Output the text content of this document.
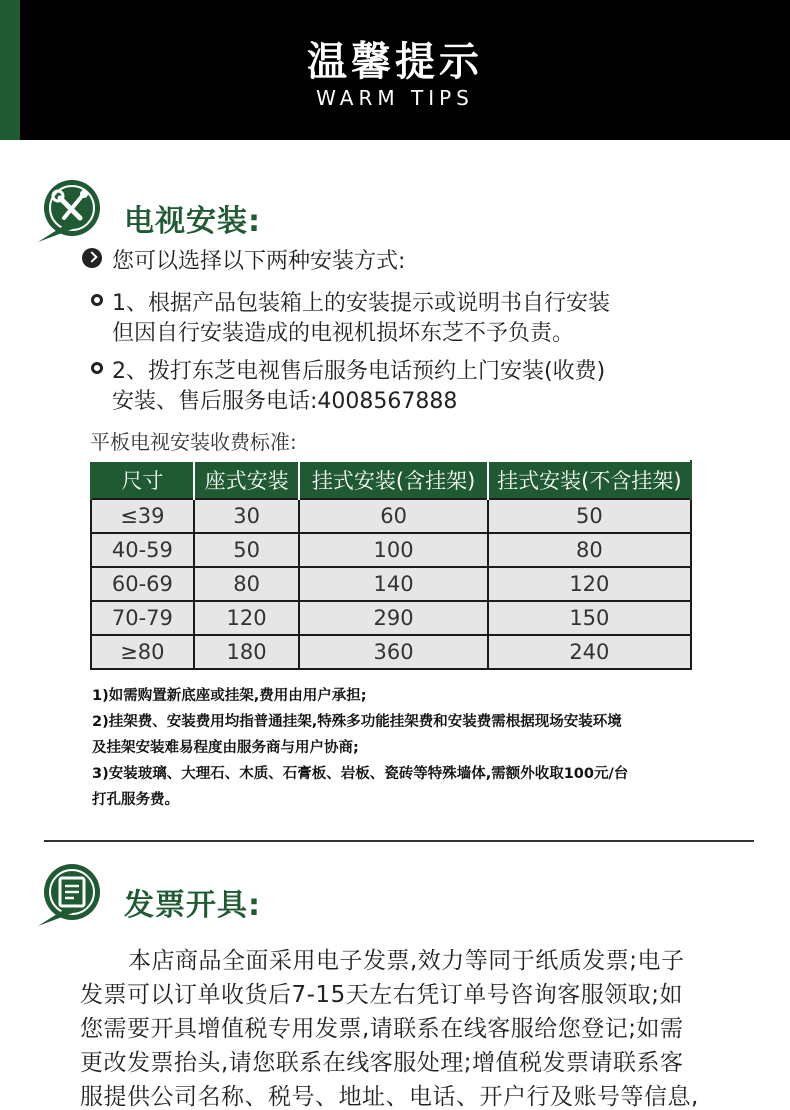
温馨提示
WARM TIPS
电视安装:
您可以选择以下两种安装方式:
1、根据产品包装箱上的安装提示或说明书自行安装
但因自行安装造成的电视机损坏东芝不予负责。
2、拨打东芝电视售后服务电话预约上门安装(收费)
安装、售后服务电话:4008567888
平板电视安装收费标准:
尺寸	座式安装	挂式安装(含挂架)	挂式安装(不含挂架)
≤39	30	60	50
40-59	50	100	80
60-69	80	140	120
70-79	120	290	150
≥80	180	360	240
1)如需购置新底座或挂架,费用由用户承担;
2)挂架费、安装费用均指普通挂架,特殊多功能挂架费和安装费需根据现场安装环境
及挂架安装难易程度由服务商与用户协商;
3)安装玻璃、大理石、木质、石膏板、岩板、瓷砖等特殊墙体,需额外收取100元/台
打孔服务费。
发票开具:
本店商品全面采用电子发票,效力等同于纸质发票;电子
发票可以订单收货后7-15天左右凭订单号咨询客服领取;如
您需要开具增值税专用发票,请联系在线客服给您登记;如需
更改发票抬头,请您联系在线客服处理;增值税发票请联系客
服提供公司名称、税号、地址、电话、开户行及账号等信息,
